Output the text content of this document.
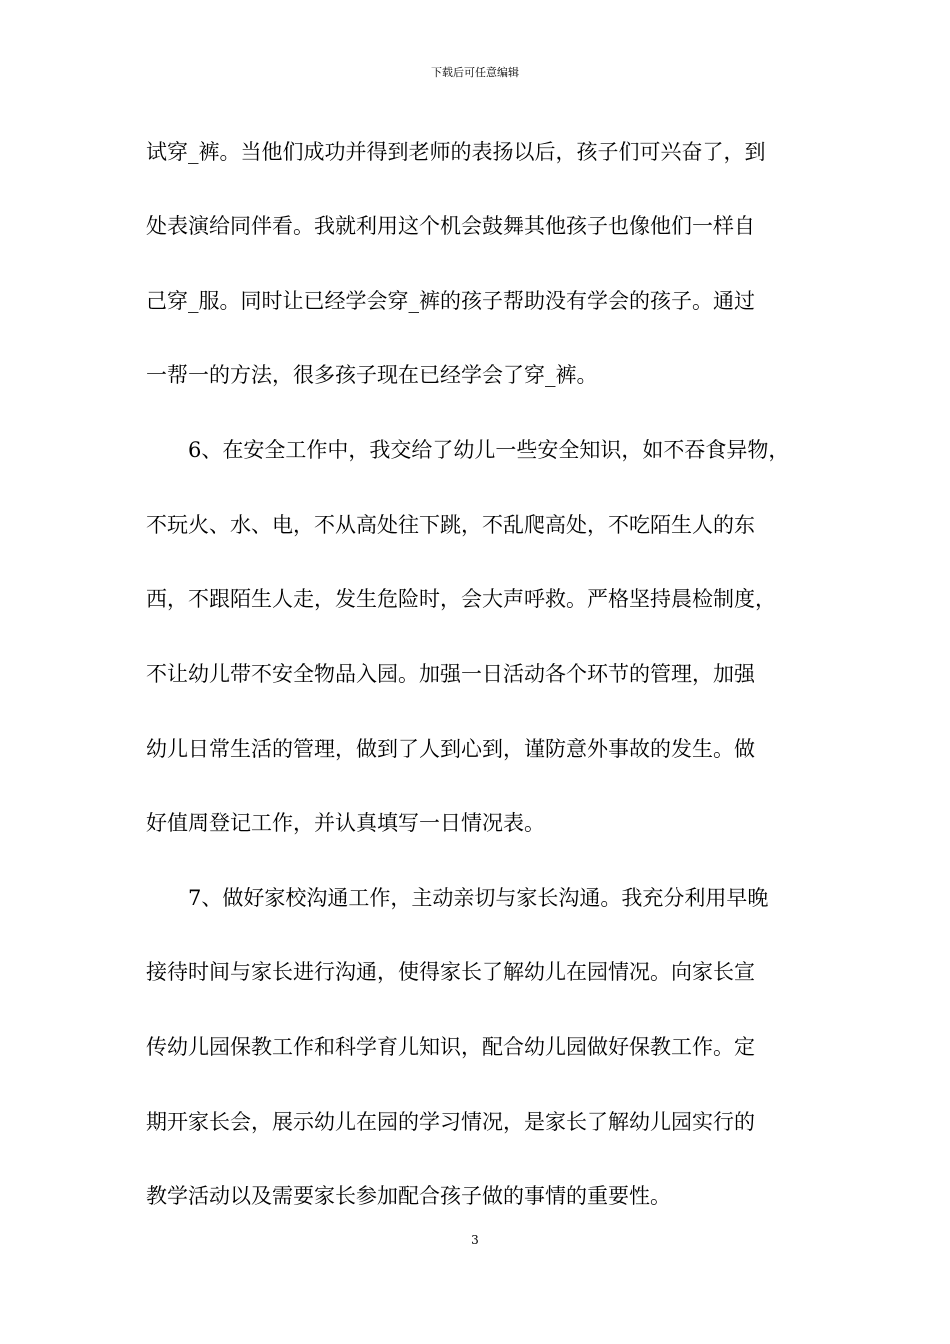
下载后可任意编辑
试穿_裤。当他们成功并得到老师的表扬以后，孩子们可兴奋了，到
处表演给同伴看。我就利用这个机会鼓舞其他孩子也像他们一样自
己穿_服。同时让已经学会穿_裤的孩子帮助没有学会的孩子。通过
一帮一的方法，很多孩子现在已经学会了穿_裤。
6、在安全工作中，我交给了幼儿一些安全知识，如不吞食异物，
不玩火、水、电，不从高处往下跳，不乱爬高处，不吃陌生人的东
西，不跟陌生人走，发生危险时，会大声呼救。严格坚持晨检制度，
不让幼儿带不安全物品入园。加强一日活动各个环节的管理，加强
幼儿日常生活的管理，做到了人到心到，谨防意外事故的发生。做
好值周登记工作，并认真填写一日情况表。
7、做好家校沟通工作，主动亲切与家长沟通。我充分利用早晚
接待时间与家长进行沟通，使得家长了解幼儿在园情况。向家长宣
传幼儿园保教工作和科学育儿知识，配合幼儿园做好保教工作。定
期开家长会，展示幼儿在园的学习情况，是家长了解幼儿园实行的
教学活动以及需要家长参加配合孩子做的事情的重要性。
3
